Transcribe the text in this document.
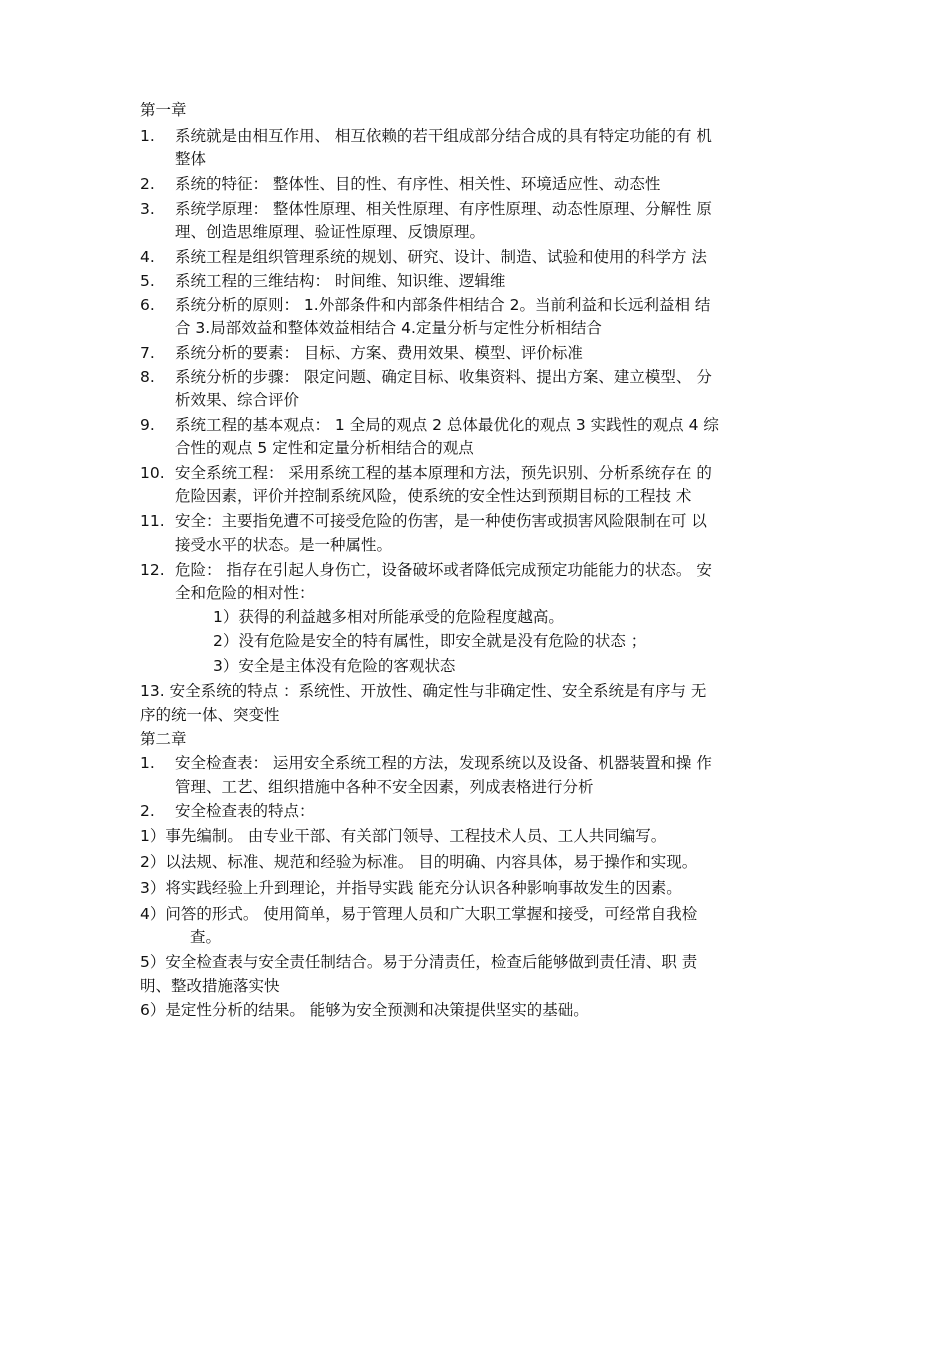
第一章
1. 系统就是由相互作用、 相互依赖的若干组成部分结合成的具有特定功能的有 机
整体
2. 系统的特征： 整体性、目的性、有序性、相关性、环境适应性、动态性
3. 系统学原理： 整体性原理、相关性原理、有序性原理、动态性原理、分解性 原
理、创造思维原理、验证性原理、反馈原理。
4. 系统工程是组织管理系统的规划、研究、设计、制造、试验和使用的科学方 法
5. 系统工程的三维结构： 时间维、知识维、逻辑维
6. 系统分析的原则： 1.外部条件和内部条件相结合 2。当前利益和长远利益相 结
合 3.局部效益和整体效益相结合 4.定量分析与定性分析相结合
7. 系统分析的要素： 目标、方案、费用效果、模型、评价标准
8. 系统分析的步骤： 限定问题、确定目标、收集资料、提出方案、建立模型、 分
析效果、综合评价
9. 系统工程的基本观点： 1 全局的观点 2 总体最优化的观点 3 实践性的观点 4 综
合性的观点 5 定性和定量分析相结合的观点
10. 安全系统工程： 采用系统工程的基本原理和方法，预先识别、分析系统存在 的
危险因素，评价并控制系统风险，使系统的安全性达到预期目标的工程技 术
11. 安全：主要指免遭不可接受危险的伤害，是一种使伤害或损害风险限制在可 以
接受水平的状态。是一种属性。
12. 危险： 指存在引起人身伤亡，设备破坏或者降低完成预定功能能力的状态。 安
全和危险的相对性：
1）获得的利益越多相对所能承受的危险程度越高。
2）没有危险是安全的特有属性，即安全就是没有危险的状态 ；
3）安全是主体没有危险的客观状态
13. 安全系统的特点 ：系统性、开放性、确定性与非确定性、安全系统是有序与 无
序的统一体、突变性
第二章
1. 安全检查表： 运用安全系统工程的方法，发现系统以及设备、机器装置和操 作
管理、工艺、组织措施中各种不安全因素，列成表格进行分析
2. 安全检查表的特点：
1）事先编制。 由专业干部、有关部门领导、工程技术人员、工人共同编写。
2）以法规、标准、规范和经验为标准。 目的明确、内容具体，易于操作和实现。
3）将实践经验上升到理论，并指导实践 能充分认识各种影响事故发生的因素。
4）问答的形式。 使用简单，易于管理人员和广大职工掌握和接受，可经常自我检
查。
5）安全检查表与安全责任制结合。易于分清责任，检查后能够做到责任清、职 责
明、整改措施落实快
6）是定性分析的结果。 能够为安全预测和决策提供坚实的基础。
